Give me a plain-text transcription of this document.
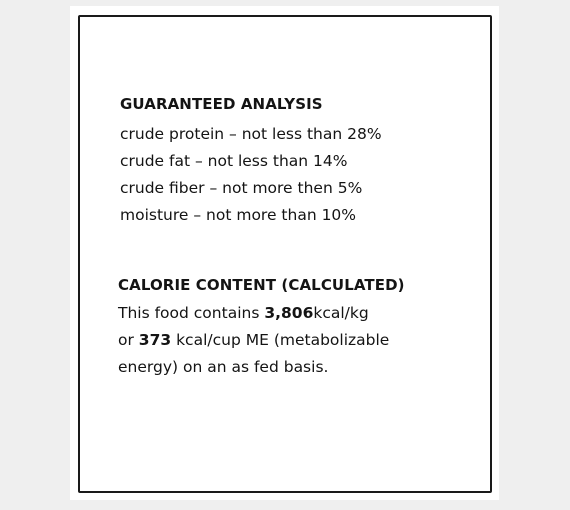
GUARANTEED ANALYSIS
crude protein – not less than 28%
crude fat – not less than 14%
crude fiber – not more then 5%
moisture – not more than 10%
CALORIE CONTENT (CALCULATED)
This food contains 3,806kcal/kg
or 373 kcal/cup ME (metabolizable
energy) on an as fed basis.
